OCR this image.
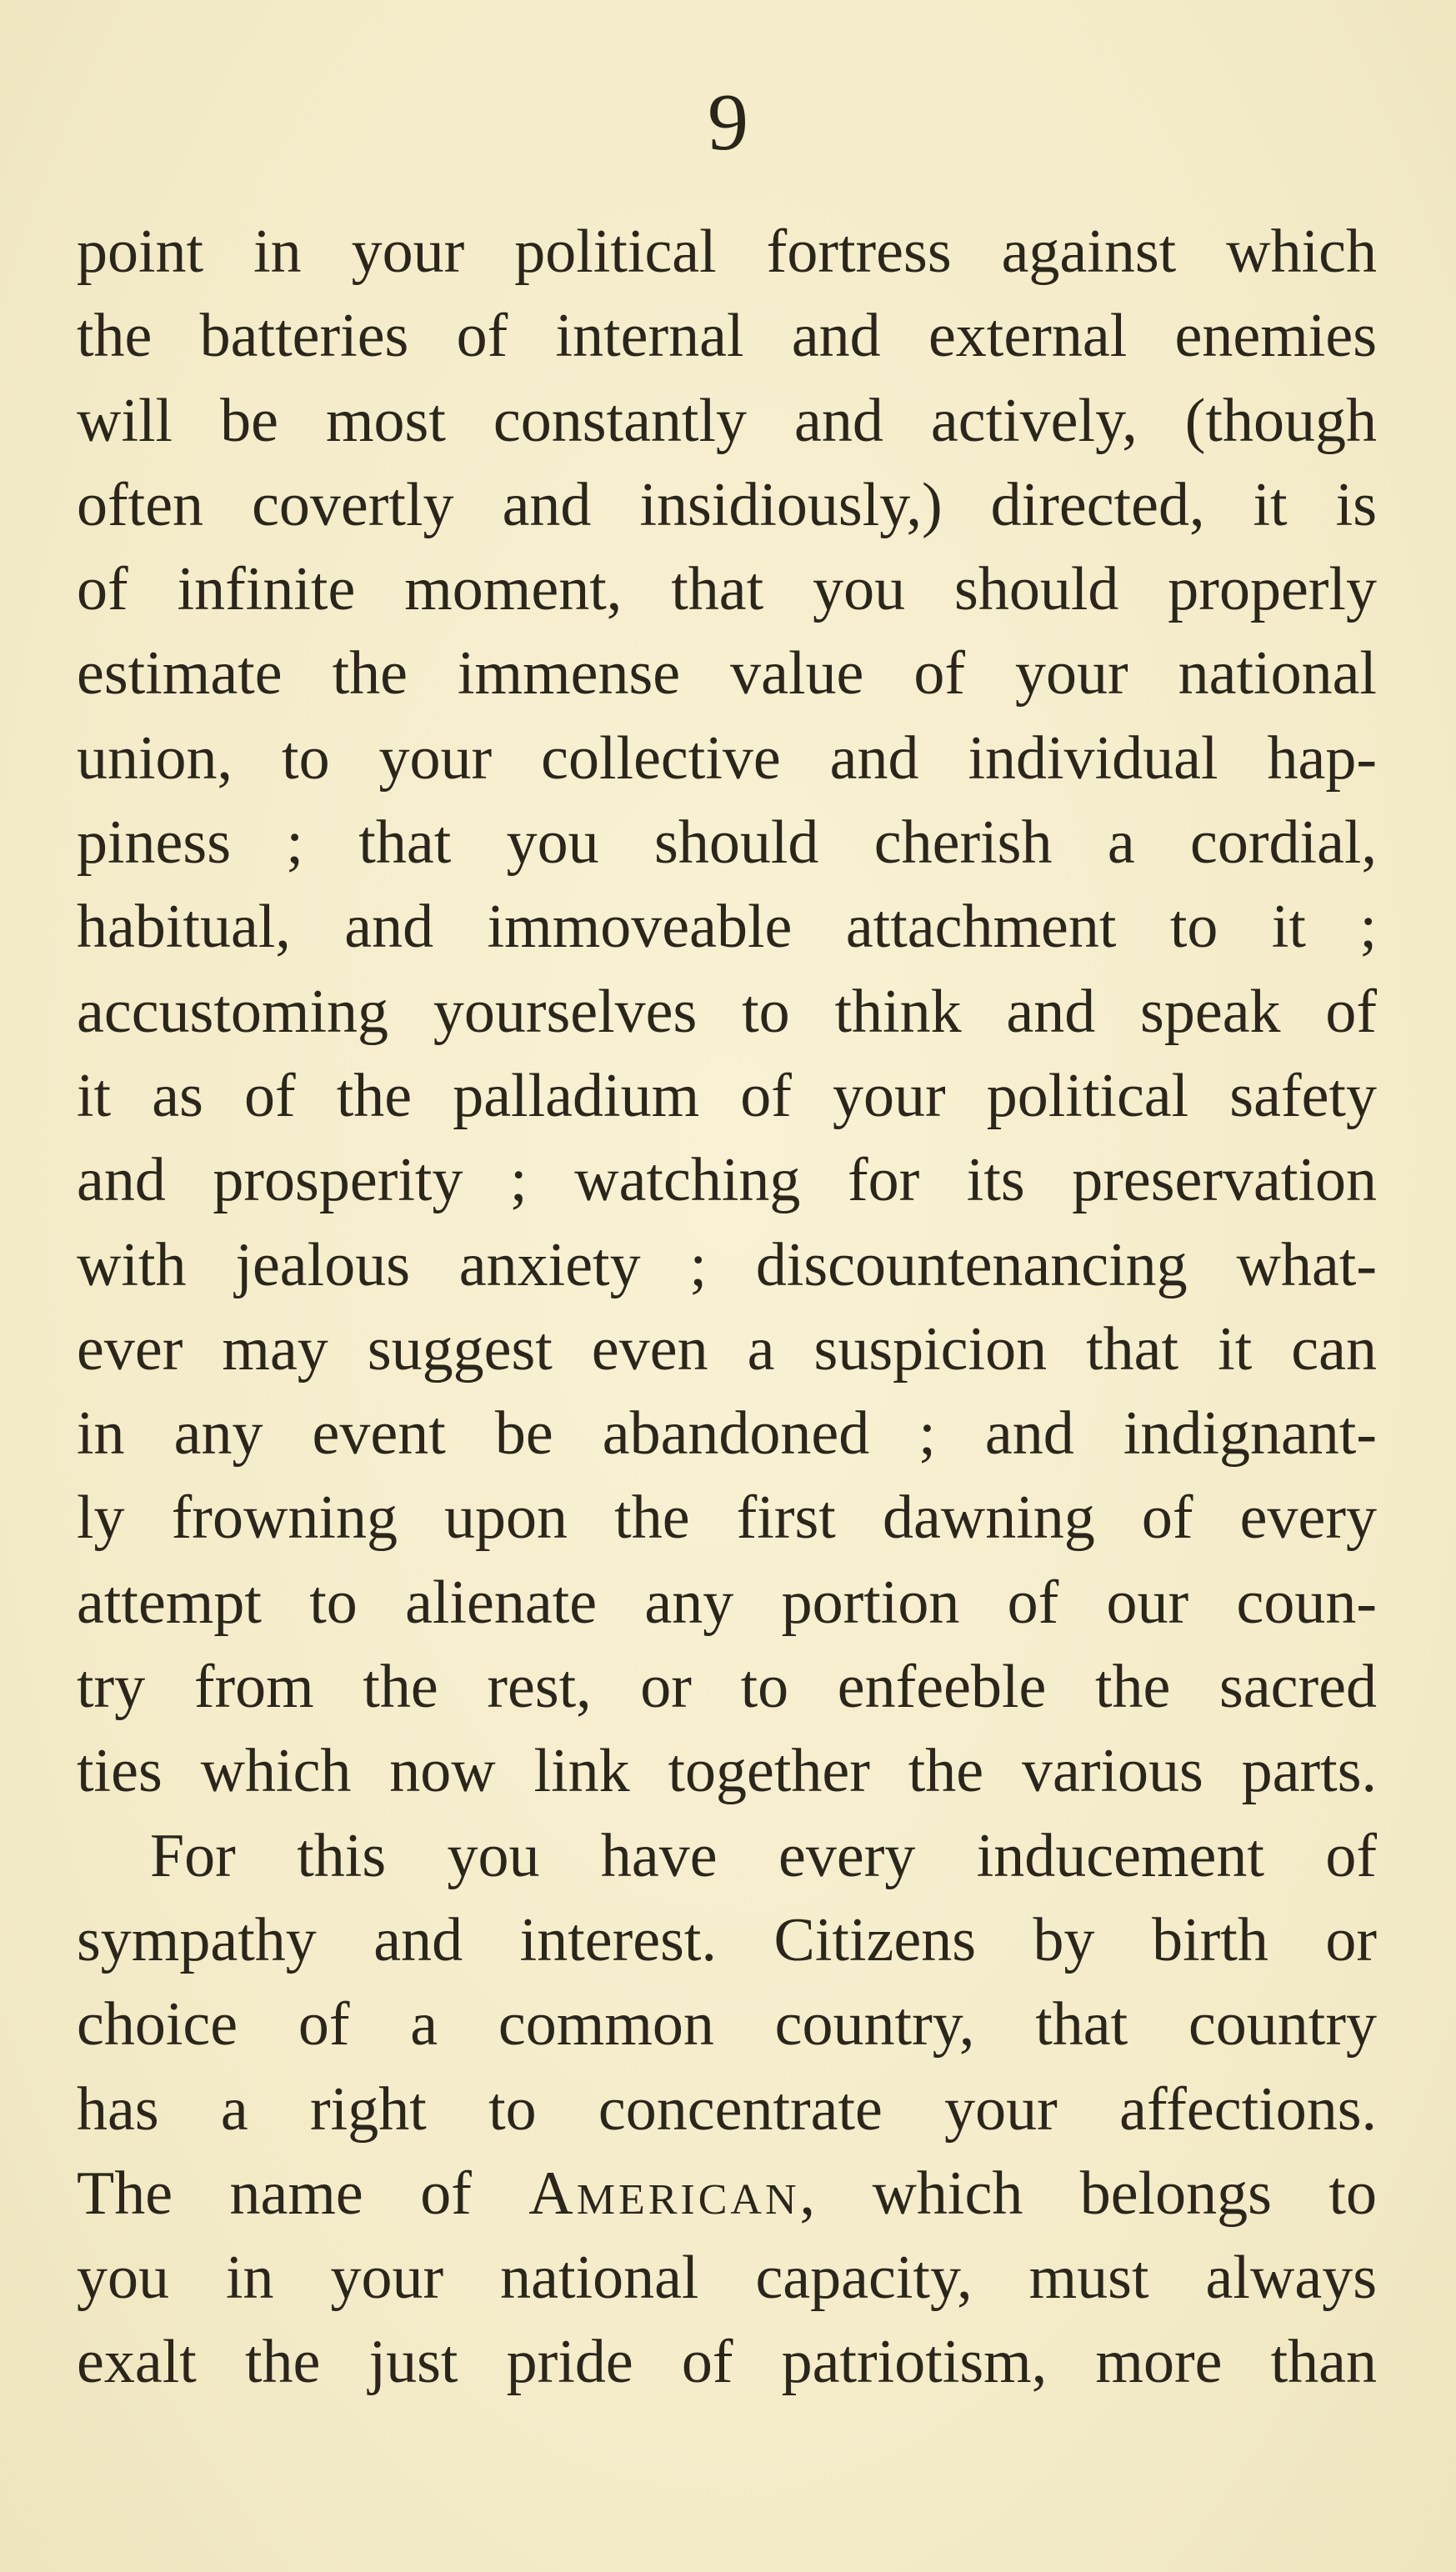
9
point in your political fortress against which
the batteries of internal and external enemies
will be most constantly and actively, (though
often covertly and insidiously,) directed, it is
of infinite moment, that you should properly
estimate the immense value of your national
union, to your collective and individual hap-
piness ; that you should cherish a cordial,
habitual, and immoveable attachment to it ;
accustoming yourselves to think and speak of
it as of the palladium of your political safety
and prosperity ; watching for its preservation
with jealous anxiety ; discountenancing what-
ever may suggest even a suspicion that it can
in any event be abandoned ; and indignant-
ly frowning upon the first dawning of every
attempt to alienate any portion of our coun-
try from the rest, or to enfeeble the sacred
ties which now link together the various parts.
For this you have every inducement of
sympathy and interest. Citizens by birth or
choice of a common country, that country
has a right to concentrate your affections.
The name of American, which belongs to
you in your national capacity, must always
exalt the just pride of patriotism, more than
